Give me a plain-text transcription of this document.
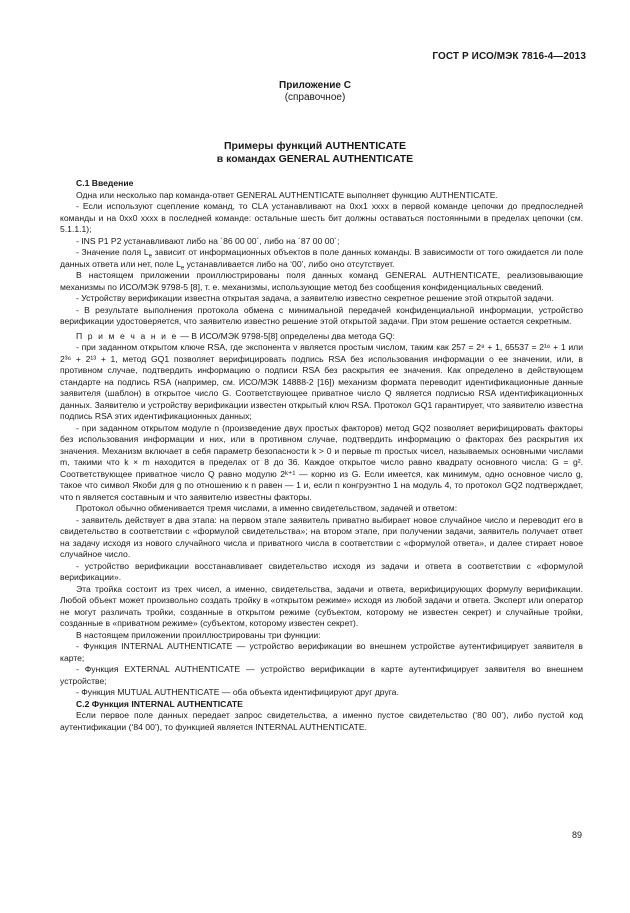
ГОСТ Р ИСО/МЭК 7816-4—2013
Приложение С
(справочное)
Примеры функций AUTHENTICATE
в командах GENERAL AUTHENTICATE

С.1 Введение

Одна или несколько пар команда-ответ GENERAL AUTHENTICATE выполняет функцию AUTHENTICATE.

- Если используют сцепление команд, то CLA устанавливают на 0xx1 xxxx в первой команде цепочки до предпоследней команды и на 0xx0 xxxx в последней команде: остальные шесть бит должны оставаться постоянными в пределах цепочки (см. 5.1.1.1);

- INS P1 P2 устанавливают либо на ´86 00 00´, либо на ´87 00 00´;

- Значение поля $L_e$ зависит от информационных объектов в поле данных команды. В зависимости от того ожидается ли поле данных ответа или нет, поле $L_e$ устанавливается либо на ‘00’, либо оно отсутствует.

В настоящем приложении проиллюстрированы поля данных команд GENERAL AUTHENTICATE, реализовывающие механизмы по ИСО/МЭК 9798-5 [8], т. е. механизмы, использующие метод без сообщения конфиденциальных сведений.

- Устройству верификации известна открытая задача, а заявителю известно секретное решение этой открытой задачи.

- В результате выполнения протокола обмена с минимальной передачей конфиденциальной информации, устройство верификации удостоверяется, что заявителю известно решение этой открытой задачи. При этом решение остается секретным.

П р и м е ч а н и е — В ИСО/МЭК 9798-5[8] определены два метода GQ:

- при заданном открытом ключе RSA, где экспонента v является простым числом, таким как 257 = 2⁸ + 1, 65537 = 2¹⁶ + 1 или 2³⁶ + 2¹³ + 1, метод GQ1 позволяет верифицировать подпись RSA без использования информации о ее значении, или, в противном случае, подтвердить информацию о подписи RSA без раскрытия ее значения. Как определено в действующем стандарте на подпись RSA (например, см. ИСО/МЭК 14888-2 [16]) механизм формата переводит идентификационные данные заявителя (шаблон) в открытое число G. Соответствующее приватное число Q является подписью RSA идентификационных данных. Заявителю и устройству верификации известен открытый ключ RSA. Протокол GQ1 гарантирует, что заявителю известна подпись RSA этих идентификационных данных;

- при заданном открытом модуле n (произведение двух простых факторов) метод GQ2 позволяет верифицировать факторы без использования информации и них, или в противном случае, подтвердить информацию о факторах без раскрытия их значения. Механизм включает в себя параметр безопасности k > 0 и первые m простых чисел, называемых основными числами m, такими что k × m находится в пределах от 8 до 36. Каждое открытое число равно квадрату основного числа: G = g². Соответствующее приватное число Q равно модулю 2ᵏ⁺¹ — корню из G. Если имеется, как минимум, одно основное число g, такое что символ Якоби для g по отношению к n равен — 1 и, если n конгруэнтно 1 на модуль 4, то протокол GQ2 подтверждает, что n является составным и что заявителю известны факторы.

Протокол обычно обменивается тремя числами, а именно свидетельством, задачей и ответом:

- заявитель действует в два этапа: на первом этапе заявитель приватно выбирает новое случайное число и переводит его в свидетельство в соответствии с «формулой свидетельства»; на втором этапе, при получении задачи, заявитель получает ответ на задачу исходя из нового случайного числа и приватного числа в соответствии с «формулой ответа», и далее стирает новое случайное число.

- устройство верификации восстанавливает свидетельство исходя из задачи и ответа в соответствии с «формулой верификации».

Эта тройка состоит из трех чисел, а именно, свидетельства, задачи и ответа, верифицирующих формулу верификации. Любой объект может произвольно создать тройку в «открытом режиме» исходя из любой задачи и ответа. Эксперт или оператор не могут различать тройки, созданные в открытом режиме (субъектом, которому не известен секрет) и случайные тройки, созданные в «приватном режиме» (субъектом, которому известен секрет).

В настоящем приложении проиллюстрированы три функции:

- Функция INTERNAL AUTHENTICATE — устройство верификации во внешнем устройстве аутентифицирует заявителя в карте;

- Функция EXTERNAL AUTHENTICATE — устройство верификации в карте аутентифицирует заявителя во внешнем устройстве;

- Функция MUTUAL AUTHENTICATE — оба объекта идентифицируют друг друга.

С.2 Функция INTERNAL AUTHENTICATE

Если первое поле данных передает запрос свидетельства, а именно пустое свидетельство (‘80 00’), либо пустой код аутентификации (‘84 00’), то функцией является INTERNAL AUTHENTICATE.

89
